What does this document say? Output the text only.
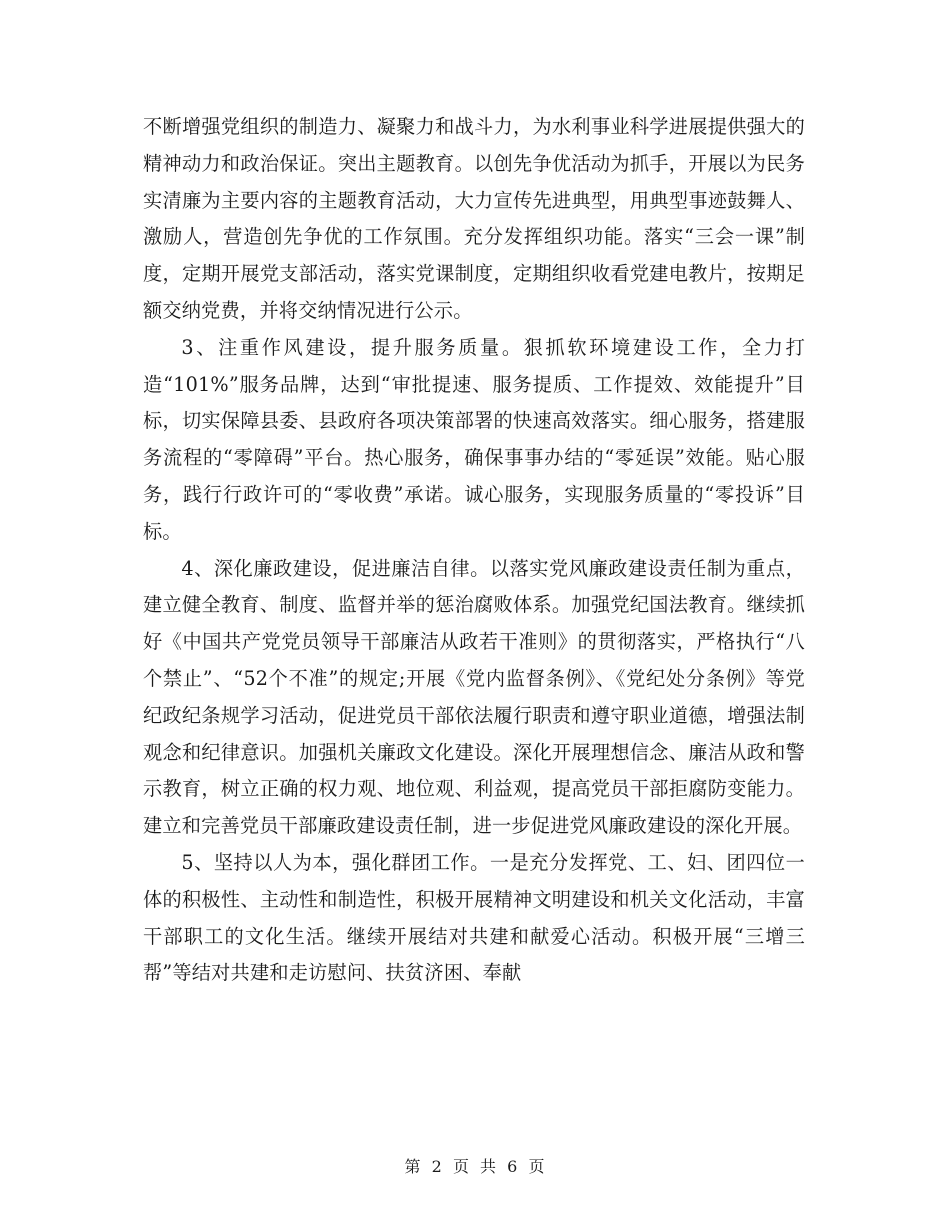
不断增强党组织的制造力、凝聚力和战斗力，为水利事业科学进展提供强大的精神动力和政治保证。突出主题教育。以创先争优活动为抓手，开展以为民务实清廉为主要内容的主题教育活动，大力宣传先进典型，用典型事迹鼓舞人、激励人，营造创先争优的工作氛围。充分发挥组织功能。落实“三会一课”制度，定期开展党支部活动，落实党课制度，定期组织收看党建电教片，按期足额交纳党费，并将交纳情况进行公示。

3、注重作风建设，提升服务质量。狠抓软环境建设工作，全力打造“101%”服务品牌，达到“审批提速、服务提质、工作提效、效能提升”目标，切实保障县委、县政府各项决策部署的快速高效落实。细心服务，搭建服务流程的“零障碍”平台。热心服务，确保事事办结的“零延误”效能。贴心服务，践行行政许可的“零收费”承诺。诚心服务，实现服务质量的“零投诉”目标。

4、深化廉政建设，促进廉洁自律。以落实党风廉政建设责任制为重点，建立健全教育、制度、监督并举的惩治腐败体系。加强党纪国法教育。继续抓好《中国共产党党员领导干部廉洁从政若干准则》的贯彻落实，严格执行“八个禁止”、“52个不准”的规定;开展《党内监督条例》、《党纪处分条例》等党纪政纪条规学习活动，促进党员干部依法履行职责和遵守职业道德，增强法制观念和纪律意识。加强机关廉政文化建设。深化开展理想信念、廉洁从政和警示教育，树立正确的权力观、地位观、利益观，提高党员干部拒腐防变能力。建立和完善党员干部廉政建设责任制，进一步促进党风廉政建设的深化开展。

5、坚持以人为本，强化群团工作。一是充分发挥党、工、妇、团四位一体的积极性、主动性和制造性，积极开展精神文明建设和机关文化活动，丰富干部职工的文化生活。继续开展结对共建和献爱心活动。积极开展“三增三帮”等结对共建和走访慰问、扶贫济困、奉献

第 2 页 共 6 页
